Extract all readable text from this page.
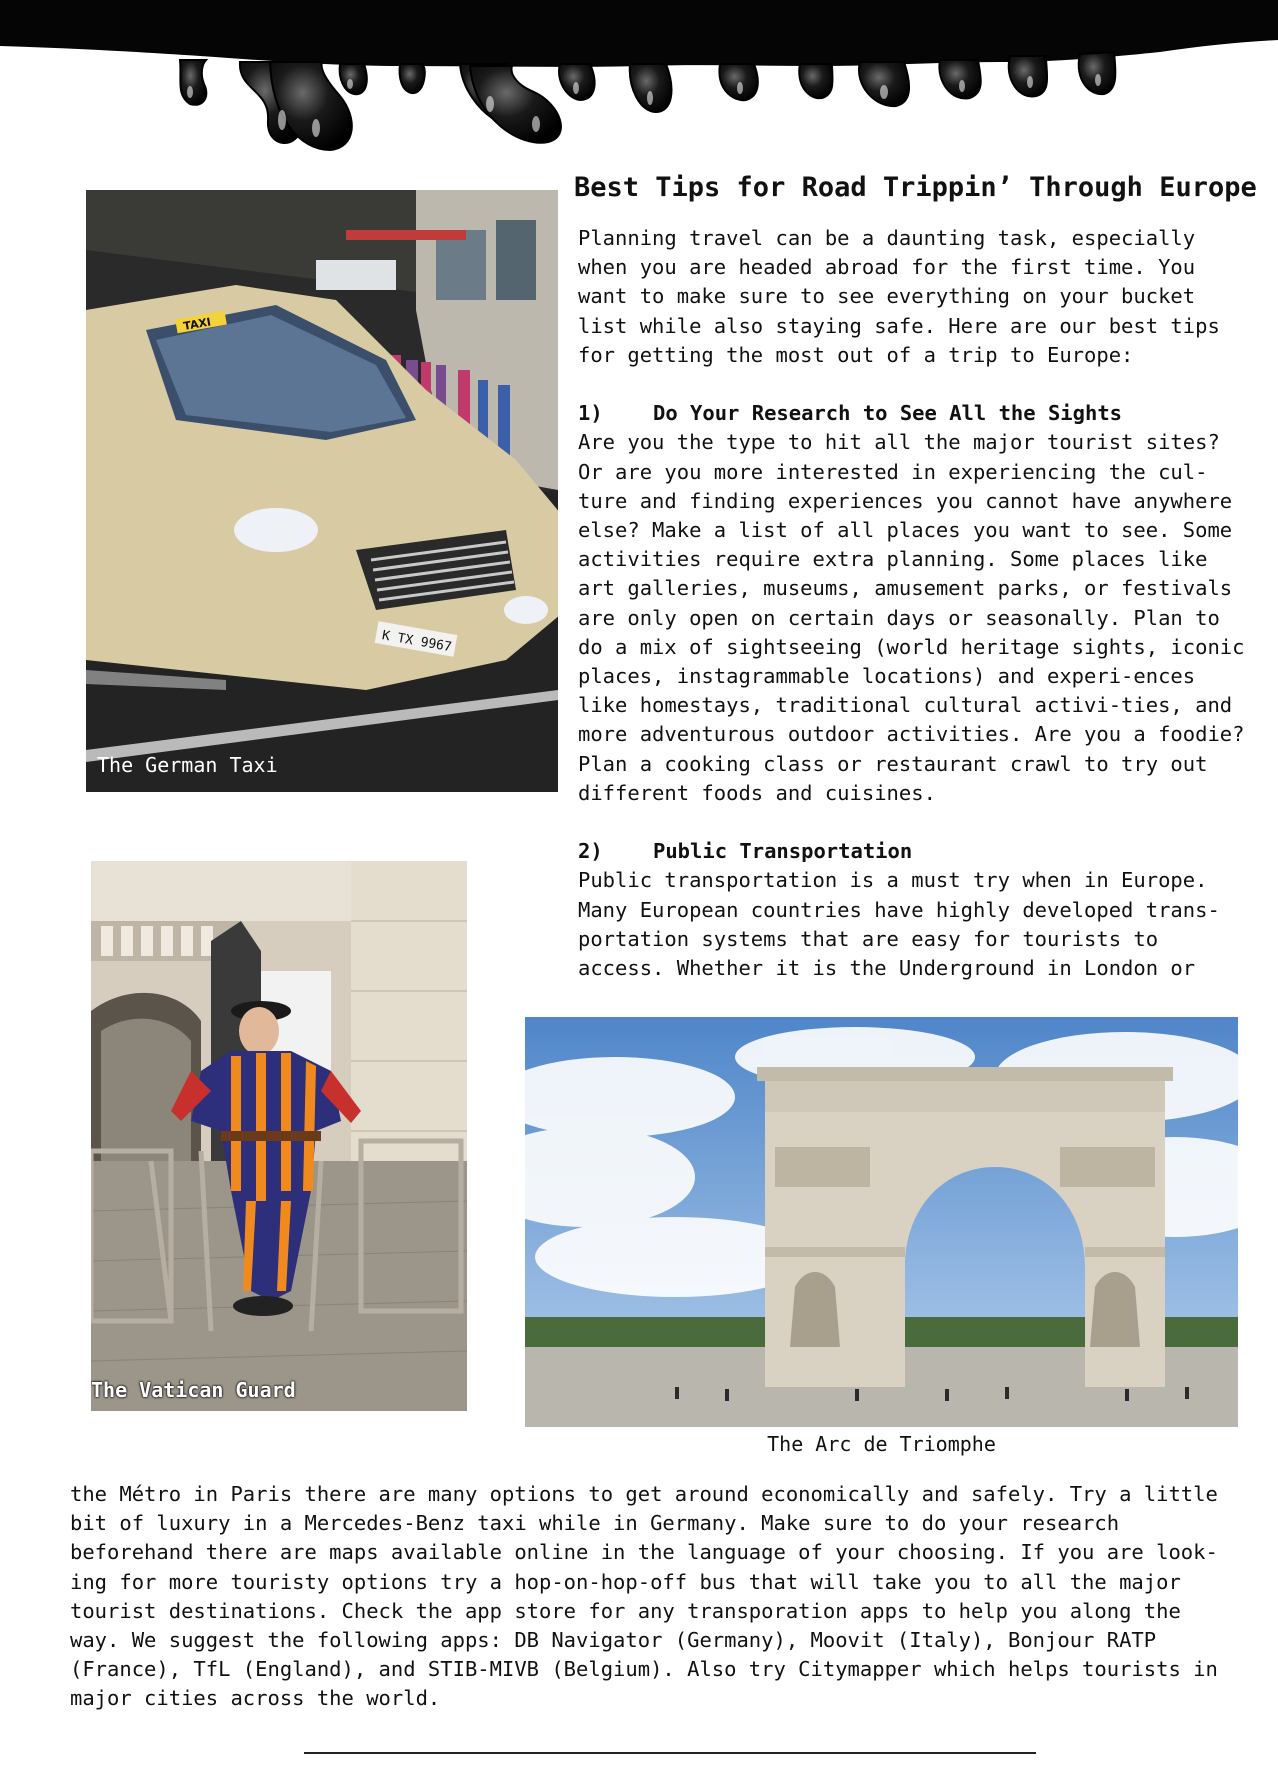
Best Tips for Road Trippin’ Through Europe

Planning travel can be a daunting task, especially when you are headed abroad for the first time. You want to make sure to see everything on your bucket list while also staying safe. Here are our best tips for getting the most out of a trip to Europe:

1) Do Your Research to See All the Sights

Are you the type to hit all the major tourist sites? Or are you more interested in experiencing the cul-ture and finding experiences you cannot have anywhere else? Make a list of all places you want to see. Some activities require extra planning. Some places like art galleries, museums, amusement parks, or festivals are only open on certain days or seasonally. Plan to do a mix of sightseeing (world heritage sights, iconic places, instagrammable locations) and experi-ences like homestays, traditional cultural activi-ties, and more adventurous outdoor activities. Are you a foodie? Plan a cooking class or restaurant crawl to try out different foods and cuisines.

2) Public Transportation

Public transportation is a must try when in Europe. Many European countries have highly developed trans-portation systems that are easy for tourists to access. Whether it is the Underground in London or

K TX 9967
TAXI
The German Taxi
The Vatican Guard
The Arc de Triomphe

the Métro in Paris there are many options to get around economically and safely. Try a little bit of luxury in a Mercedes-Benz taxi while in Germany. Make sure to do your research beforehand there are maps available online in the language of your choosing. If you are look-ing for more touristy options try a hop-on-hop-off bus that will take you to all the major tourist destinations. Check the app store for any transporation apps to help you along the way. We suggest the following apps: DB Navigator (Germany), Moovit (Italy), Bonjour RATP (France), TfL (England), and STIB-MIVB (Belgium). Also try Citymapper which helps tourists in major cities across the world.
